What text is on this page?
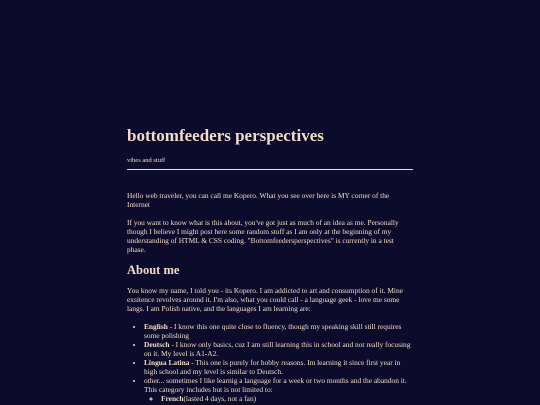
bottomfeeders perspectives
vibes and stuff

Hello web traveler, you can call me Kopero. What you see over here is MY corner of the Internet

If you want to know what is this about, you've got just as much of an idea as me. Personally though I believe I might post here some random stuff as I am only at the beginning of my understanding of HTML & CSS coding. "Bottomfeedersperspectives" is currently in a test phase.

About me

You know my name, I told you - its Kopero. I am addicted to art and consumption of it. Mine exsitence revolves around it. I'm also, what you could call - a language geek - love me some langs. I am Polish native, and the languages I am learning are:

• English - I know this one quite close to fluency, though my speaking skill still requires some polishing
• Deutsch - I know only basics, cuz I am still learning this in school and not really focusing on it. My level is A1-A2.
• Lingua Latina - This one is purely for hobby reasons. Im learning it since first year in high school and my level is similar to Deutsch.
• other... sometimes I like learnig a language for a week or two months and the abandon it. This category includes but is not limited to:
◦ French(lasted 4 days, not a fan)
